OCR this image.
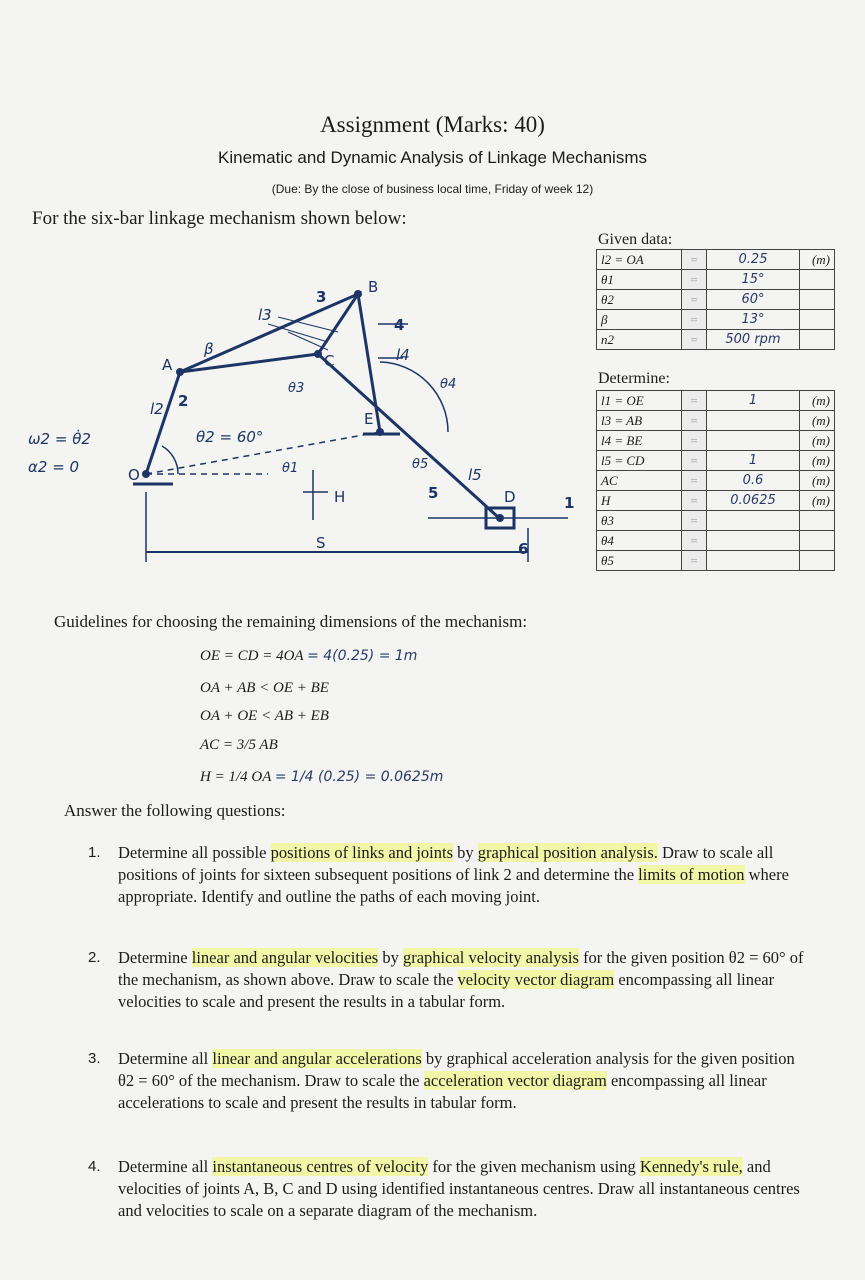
Assignment (Marks: 40)
Kinematic and Dynamic Analysis of Linkage Mechanisms
(Due: By the close of business local time, Friday of week 12)
For the six-bar linkage mechanism shown below:
A
B
C
D
E
O
S
H
l3
l4
l5
l2 2
3
4
5
6
1
θ2 = 60°
ω2 = θ̇2
α2 = 0
β
θ1
θ3	θ4
θ5
Given data:
l2 = OA	=	0.25	(m)
θ1	=	15°	
θ2	=	60°	
β	=	13°	
n2	=	500 rpm	
Determine:
l1 = OE	=	1	(m)
l3 = AB	=		(m)
l4 = BE	=		(m)
l5 = CD	=	1	(m)
AC	=	0.6	(m)
H	=	0.0625	(m)
θ3	=		
θ4	=		
θ5	=		
Guidelines for choosing the remaining dimensions of the mechanism:
OE = CD = 4OA = 4(0.25) = 1m
OA + AB < OE + BE
OA + OE < AB + EB
AC = 3/5 AB
H = 1/4 OA = 1/4 (0.25) = 0.0625m
Answer the following questions:
1. Determine all possible positions of links and joints by graphical position analysis. Draw to scale all positions of joints for sixteen subsequent positions of link 2 and determine the limits of motion where appropriate. Identify and outline the paths of each moving joint.
2. Determine linear and angular velocities by graphical velocity analysis for the given position θ2 = 60° of the mechanism, as shown above. Draw to scale the velocity vector diagram encompassing all linear velocities to scale and present the results in a tabular form.
3. Determine all linear and angular accelerations by graphical acceleration analysis for the given position θ2 = 60° of the mechanism. Draw to scale the acceleration vector diagram encompassing all linear accelerations to scale and present the results in tabular form.
4. Determine all instantaneous centres of velocity for the given mechanism using Kennedy's rule, and velocities of joints A, B, C and D using identified instantaneous centres. Draw all instantaneous centres and velocities to scale on a separate diagram of the mechanism.
